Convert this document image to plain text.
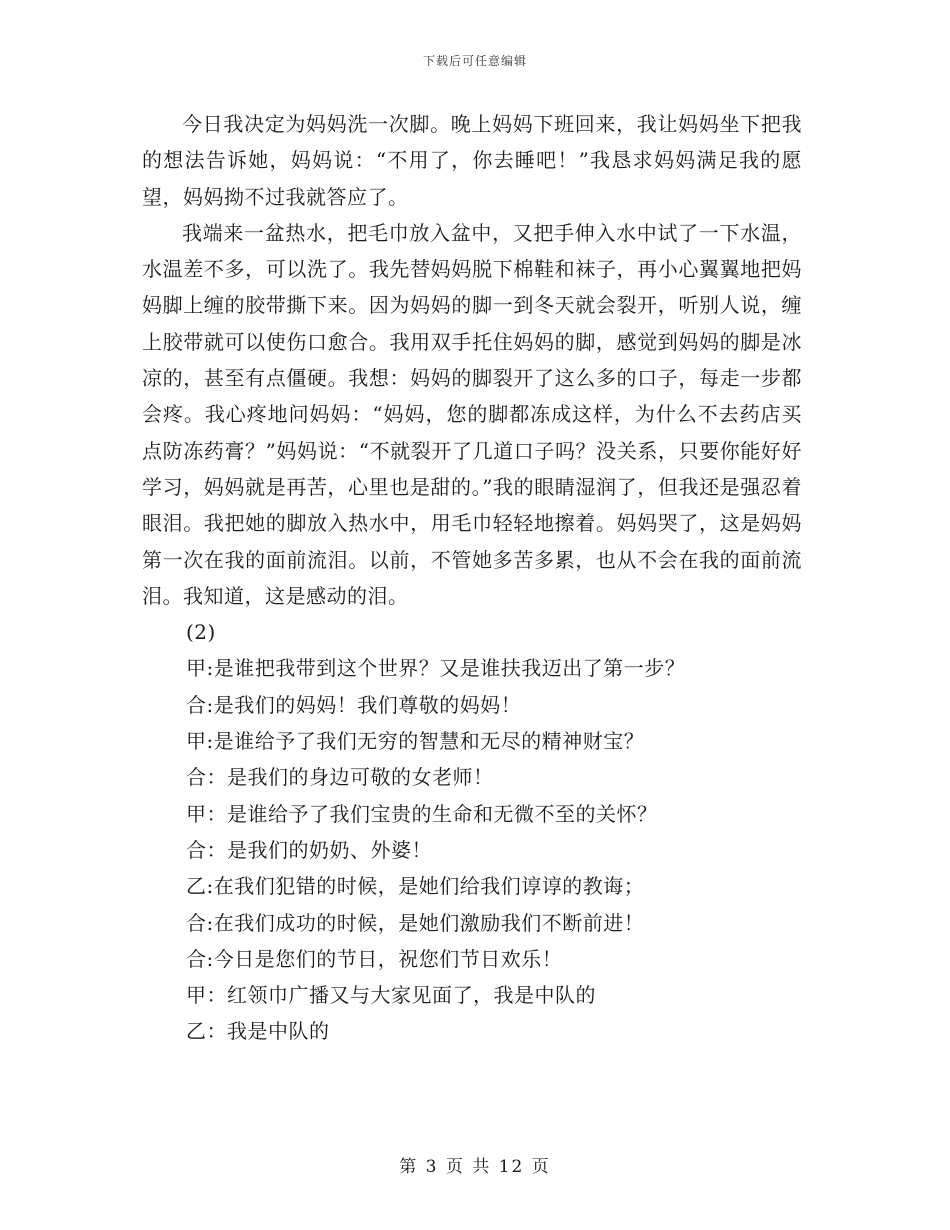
下载后可任意编辑

今日我决定为妈妈洗一次脚。晚上妈妈下班回来，我让妈妈坐下把我的想法告诉她，妈妈说：“不用了，你去睡吧！”我恳求妈妈满足我的愿望，妈妈拗不过我就答应了。

我端来一盆热水，把毛巾放入盆中，又把手伸入水中试了一下水温，水温差不多，可以洗了。我先替妈妈脱下棉鞋和袜子，再小心翼翼地把妈妈脚上缠的胶带撕下来。因为妈妈的脚一到冬天就会裂开，听别人说，缠上胶带就可以使伤口愈合。我用双手托住妈妈的脚，感觉到妈妈的脚是冰凉的，甚至有点僵硬。我想：妈妈的脚裂开了这么多的口子，每走一步都会疼。我心疼地问妈妈：“妈妈，您的脚都冻成这样，为什么不去药店买点防冻药膏？”妈妈说：“不就裂开了几道口子吗？没关系，只要你能好好学习，妈妈就是再苦，心里也是甜的。”我的眼睛湿润了，但我还是强忍着眼泪。我把她的脚放入热水中，用毛巾轻轻地擦着。妈妈哭了，这是妈妈第一次在我的面前流泪。以前，不管她多苦多累，也从不会在我的面前流泪。我知道，这是感动的泪。

(2)

甲:是谁把我带到这个世界？又是谁扶我迈出了第一步？

合:是我们的妈妈！我们尊敬的妈妈！

甲:是谁给予了我们无穷的智慧和无尽的精神财宝？

合：是我们的身边可敬的女老师！

甲：是谁给予了我们宝贵的生命和无微不至的关怀？

合：是我们的奶奶、外婆！

乙:在我们犯错的时候，是她们给我们谆谆的教诲；

合:在我们成功的时候，是她们激励我们不断前进！

合:今日是您们的节日，祝您们节日欢乐！

甲：红领巾广播又与大家见面了，我是中队的

乙：我是中队的

第 3 页 共 12 页
